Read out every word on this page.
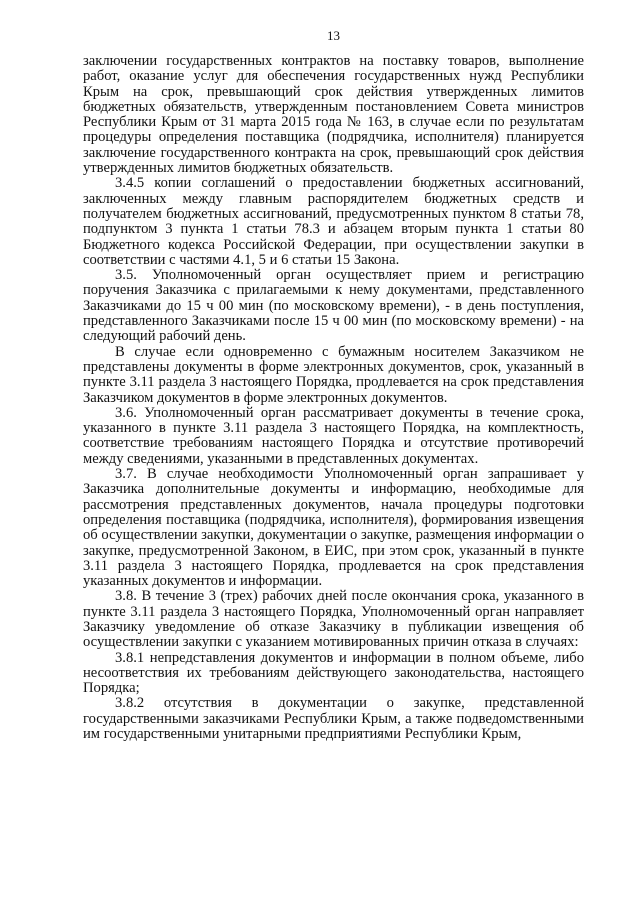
13

заключении государственных контрактов на поставку товаров, выполнение работ, оказание услуг для обеспечения государственных нужд Республики Крым на срок, превышающий срок действия утвержденных лимитов бюджетных обязательств, утвержденным постановлением Совета министров Республики Крым от 31 марта 2015 года № 163, в случае если по результатам процедуры определения поставщика (подрядчика, исполнителя) планируется заключение государственного контракта на срок, превышающий срок действия утвержденных лимитов бюджетных обязательств.

3.4.5 копии соглашений о предоставлении бюджетных ассигнований, заключенных между главным распорядителем бюджетных средств и получателем бюджетных ассигнований, предусмотренных пунктом 8 статьи 78, подпунктом 3 пункта 1 статьи 78.3 и абзацем вторым пункта 1 статьи 80 Бюджетного кодекса Российской Федерации, при осуществлении закупки в соответствии с частями 4.1, 5 и 6 статьи 15 Закона.

3.5. Уполномоченный орган осуществляет прием и регистрацию поручения Заказчика с прилагаемыми к нему документами, представленного Заказчиками до 15 ч 00 мин (по московскому времени), - в день поступления, представленного Заказчиками после 15 ч 00 мин (по московскому времени) - на следующий рабочий день.

В случае если одновременно с бумажным носителем Заказчиком не представлены документы в форме электронных документов, срок, указанный в пункте 3.11 раздела 3 настоящего Порядка, продлевается на срок представления Заказчиком документов в форме электронных документов.

3.6. Уполномоченный орган рассматривает документы в течение срока, указанного в пункте 3.11 раздела 3 настоящего Порядка, на комплектность, соответствие требованиям настоящего Порядка и отсутствие противоречий между сведениями, указанными в представленных документах.

3.7. В случае необходимости Уполномоченный орган запрашивает у Заказчика дополнительные документы и информацию, необходимые для рассмотрения представленных документов, начала процедуры подготовки определения поставщика (подрядчика, исполнителя), формирования извещения об осуществлении закупки, документации о закупке, размещения информации о закупке, предусмотренной Законом, в ЕИС, при этом срок, указанный в пункте 3.11 раздела 3 настоящего Порядка, продлевается на срок представления указанных документов и информации.

3.8. В течение 3 (трех) рабочих дней после окончания срока, указанного в пункте 3.11 раздела 3 настоящего Порядка, Уполномоченный орган направляет Заказчику уведомление об отказе Заказчику в публикации извещения об осуществлении закупки с указанием мотивированных причин отказа в случаях:

3.8.1 непредставления документов и информации в полном объеме, либо несоответствия их требованиям действующего законодательства, настоящего Порядка;

3.8.2 отсутствия в документации о закупке, представленной государственными заказчиками Республики Крым, а также подведомственными им государственными унитарными предприятиями Республики Крым,
